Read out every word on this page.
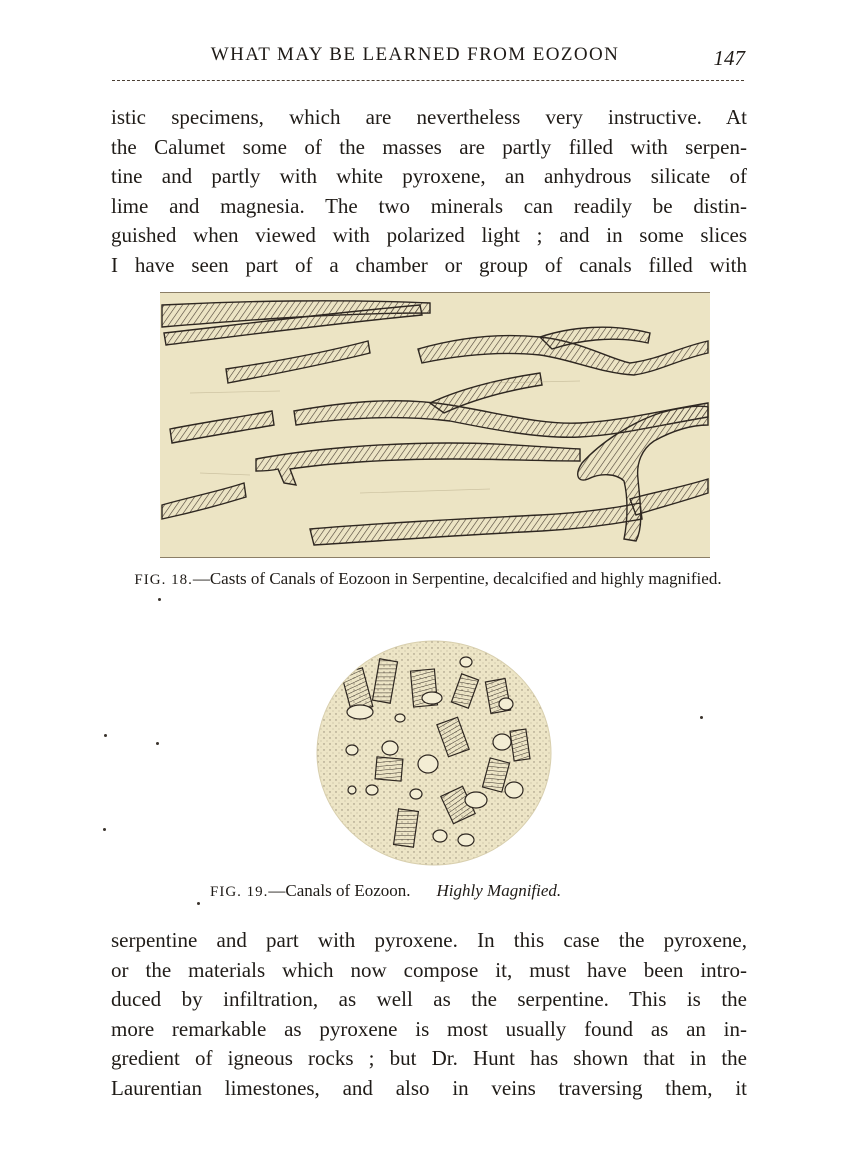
WHAT MAY BE LEARNED FROM EOZOON	147
istic specimens, which are nevertheless very instructive. At
the Calumet some of the masses are partly filled with serpen-
tine and partly with white pyroxene, an anhydrous silicate of
lime and magnesia. The two minerals can readily be distin-
guished when viewed with polarized light ; and in some slices
I have seen part of a chamber or group of canals filled with
FIG. 18.—Casts of Canals of Eozoon in Serpentine, decalcified and highly magnified.
FIG. 19.—Canals of Eozoon. Highly Magnified.
serpentine and part with pyroxene. In this case the pyroxene,
or the materials which now compose it, must have been intro-
duced by infiltration, as well as the serpentine. This is the
more remarkable as pyroxene is most usually found as an in-
gredient of igneous rocks ; but Dr. Hunt has shown that in the
Laurentian limestones, and also in veins traversing them, it
